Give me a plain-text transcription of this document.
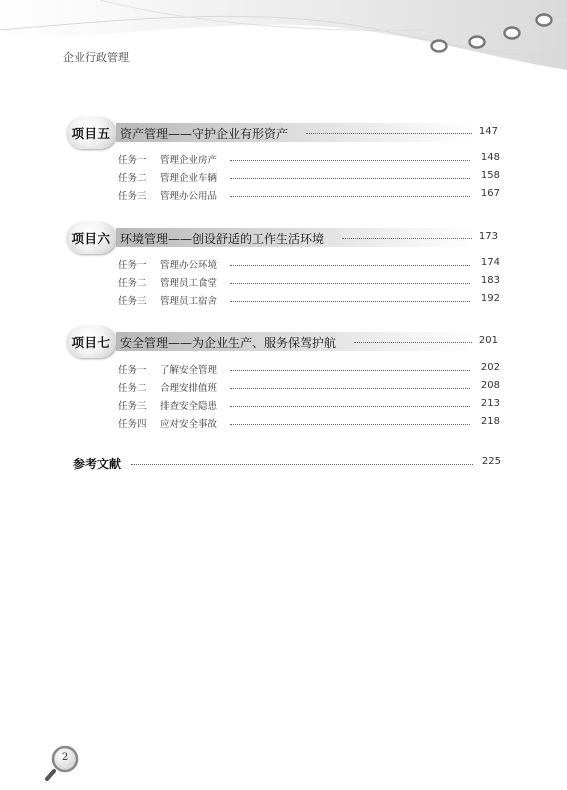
企业行政管理
项目五 资产管理——守护企业有形资产	147
任务一 管理企业房产	148
任务二 管理企业车辆	158
任务三 管理办公用品	167
项目六 环境管理——创设舒适的工作生活环境	173
任务一 管理办公环境	174
任务二 管理员工食堂	183
任务三 管理员工宿舍	192
项目七 安全管理——为企业生产、服务保驾护航	201
任务一 了解安全管理	202
任务二 合理安排值班	208
任务三 排查安全隐患	213
任务四 应对安全事故	218
参考文献	225
2
